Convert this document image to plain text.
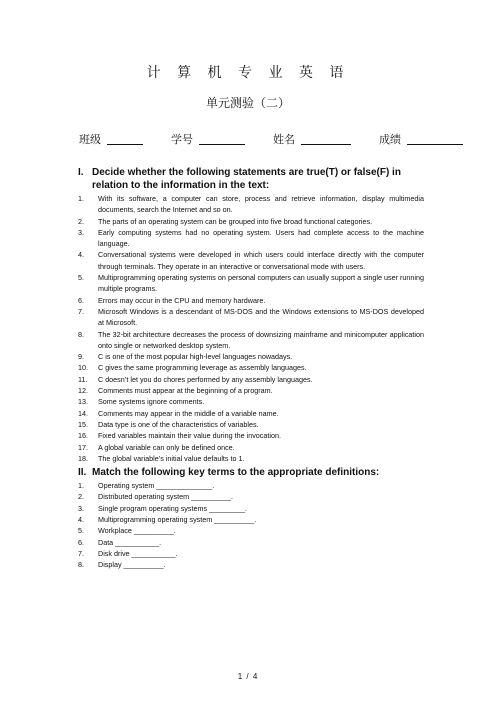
计 算 机 专 业 英 语
单元测验（二）
班级	学号	姓名	成绩
I. Decide whether the following statements are true(T) or false(F) in relation to the information in the text:
1. With its software, a computer can store, process and retrieve information, display multimedia documents, search the Internet and so on.
2. The parts of an operating system can be grouped into five broad functional categories.
3. Early computing systems had no operating system. Users had complete access to the machine language.
4. Conversational systems were developed in which users could interface directly with the computer through terminals. They operate in an interactive or conversational mode with users.
5. Multiprogramming operating systems on personal computers can usually support a single user running multiple programs.
6. Errors may occur in the CPU and memory hardware.
7. Microsoft Windows is a descendant of MS-DOS and the Windows extensions to MS-DOS developed at Microsoft.
8. The 32-bit architecture decreases the process of downsizing mainframe and minicomputer application onto single or networked desktop system.
9. C is one of the most popular high-level languages nowadays.
10. C gives the same programming leverage as assembly languages.
11. C doesn’t let you do chores performed by any assembly languages.
12. Comments must appear at the beginning of a program.
13. Some systems ignore comments.
14. Comments may appear in the middle of a variable name.
15. Data type is one of the characteristics of variables.
16. Fixed variables maintain their value during the invocation.
17. A global variable can only be defined once.
18. The global variable’s initial value defaults to 1.
II. Match the following key terms to the appropriate definitions:
1. Operating system ______________.
2. Distributed operating system __________.
3. Single program operating systems _________.
4. Multiprogramming operating system __________.
5. Workplace __________.
6. Data ___________.
7. Disk drive ___________.
8. Display __________.
1 / 4
